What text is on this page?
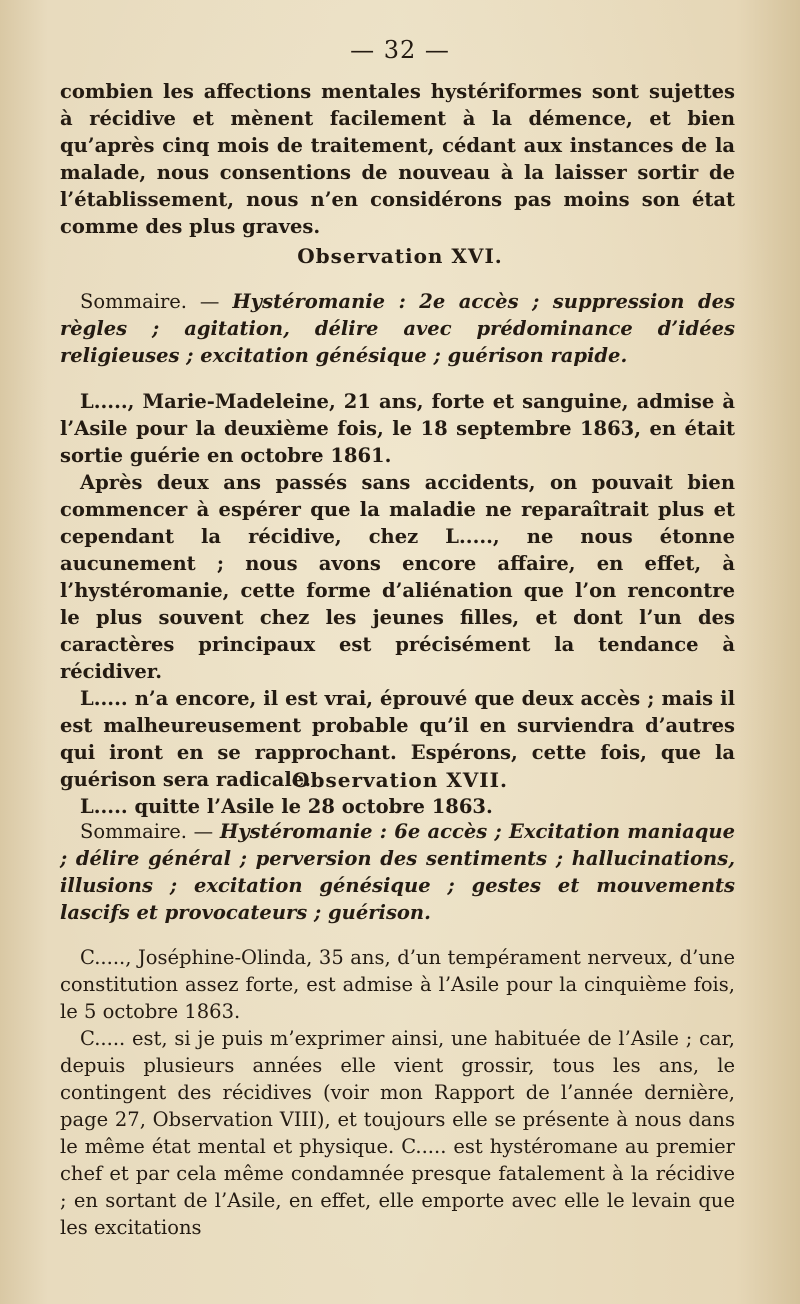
— 32 —

combien les affections mentales hystériformes sont sujettes à récidive et mènent facilement à la démence, et bien qu’après cinq mois de traitement, cédant aux instances de la malade, nous consentions de nouveau à la laisser sortir de l’établissement, nous n’en considérons pas moins son état comme des plus graves.

Observation XVI.

Sommaire. — Hystéromanie : 2e accès ; suppression des règles ; agitation, délire avec prédominance d’idées religieuses ; excitation génésique ; guérison rapide.

L....., Marie-Madeleine, 21 ans, forte et sanguine, admise à l’Asile pour la deuxième fois, le 18 septembre 1863, en était sortie guérie en octobre 1861.

Après deux ans passés sans accidents, on pouvait bien commencer à espérer que la maladie ne reparaîtrait plus et cependant la récidive, chez L....., ne nous étonne aucunement ; nous avons encore affaire, en effet, à l’hystéromanie, cette forme d’aliénation que l’on rencontre le plus souvent chez les jeunes filles, et dont l’un des caractères principaux est précisément la tendance à récidiver.

L..... n’a encore, il est vrai, éprouvé que deux accès ; mais il est malheureusement probable qu’il en surviendra d’autres qui iront en se rapprochant. Espérons, cette fois, que la guérison sera radicale.

L..... quitte l’Asile le 28 octobre 1863.

Observation XVII.

Sommaire. — Hystéromanie : 6e accès ; Excitation maniaque ; délire général ; perversion des sentiments ; hallucinations, illusions ; excitation génésique ; gestes et mouvements lascifs et provocateurs ; guérison.

C....., Joséphine-Olinda, 35 ans, d’un tempérament nerveux, d’une constitution assez forte, est admise à l’Asile pour la cinquième fois, le 5 octobre 1863.

C..... est, si je puis m’exprimer ainsi, une habituée de l’Asile ; car, depuis plusieurs années elle vient grossir, tous les ans, le contingent des récidives (voir mon Rapport de l’année dernière, page 27, Observation VIII), et toujours elle se présente à nous dans le même état mental et physique. C..... est hystéromane au premier chef et par cela même condamnée presque fatalement à la récidive ; en sortant de l’Asile, en effet, elle emporte avec elle le levain que les excitations
